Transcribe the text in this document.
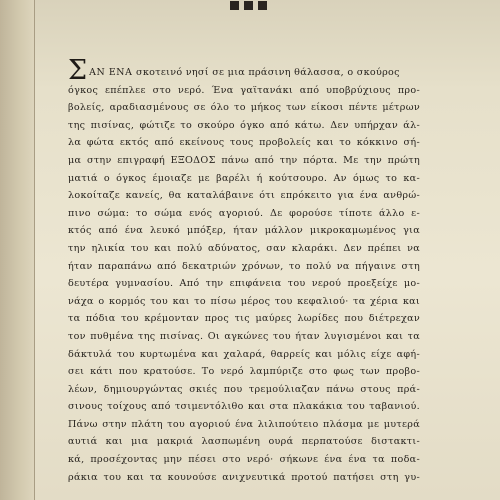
Σ AN ENA
σκοτεινό νησί σε μια πράσινη θάλασσα, ο σκούρος
όγκος επέπλεε στο νερό. Ένα γαϊτανάκι από υποβρύχιους προ-
βολείς, αραδιασμένους σε όλο το μήκος των είκοσι πέντε μέτρων
της πισίνας, φώτιζε το σκούρο όγκο από κάτω. Δεν υπήρχαν άλ-
λα φώτα εκτός από εκείνους τους προβολείς και το κόκκινο σή-
μα στην επιγραφή ΕΞΟΔΟΣ πάνω από την πόρτα. Με την πρώτη
ματιά ο όγκος έμοιαζε με βαρέλι ή κούτσουρο. Αν όμως το κα-
λοκοίταζε κανείς, θα καταλάβαινε ότι επρόκειτο για ένα ανθρώ-
πινο σώμα: το σώμα ενός αγοριού. Δε φορούσε τίποτε άλλο ε-
κτός από ένα λευκό μπόξερ, ήταν μάλλον μικροκαμωμένος για
την ηλικία του και πολύ αδύνατος, σαν κλαράκι. Δεν πρέπει να
ήταν παραπάνω από δεκατριών χρόνων, το πολύ να πήγαινε στη
δευτέρα γυμνασίου. Από την επιφάνεια του νερού προεξείχε μο-
νάχα ο κορμός του και το πίσω μέρος του κεφαλιού· τα χέρια και
τα πόδια του κρέμονταν προς τις μαύρες λωρίδες που διέτρεχαν
τον πυθμένα της πισίνας. Οι αγκώνες του ήταν λυγισμένοι και τα
δάκτυλά του κυρτωμένα και χαλαρά, θαρρείς και μόλις είχε αφή-
σει κάτι που κρατούσε. Το νερό λαμπύριζε στο φως των προβο-
λέων, δημιουργώντας σκιές που τρεμούλιαζαν πάνω στους πρά-
σινους τοίχους από τσιμεντόλιθο και στα πλακάκια του ταβανιού.
Πάνω στην πλάτη του αγοριού ένα λιλιπούτειο πλάσμα με μυτερά
αυτιά και μια μακριά λασπωμένη ουρά περπατούσε διστακτι-
κά, προσέχοντας μην πέσει στο νερό· σήκωνε ένα ένα τα ποδα-
ράκια του και τα κουνούσε ανιχνευτικά προτού πατήσει στη γυ-
